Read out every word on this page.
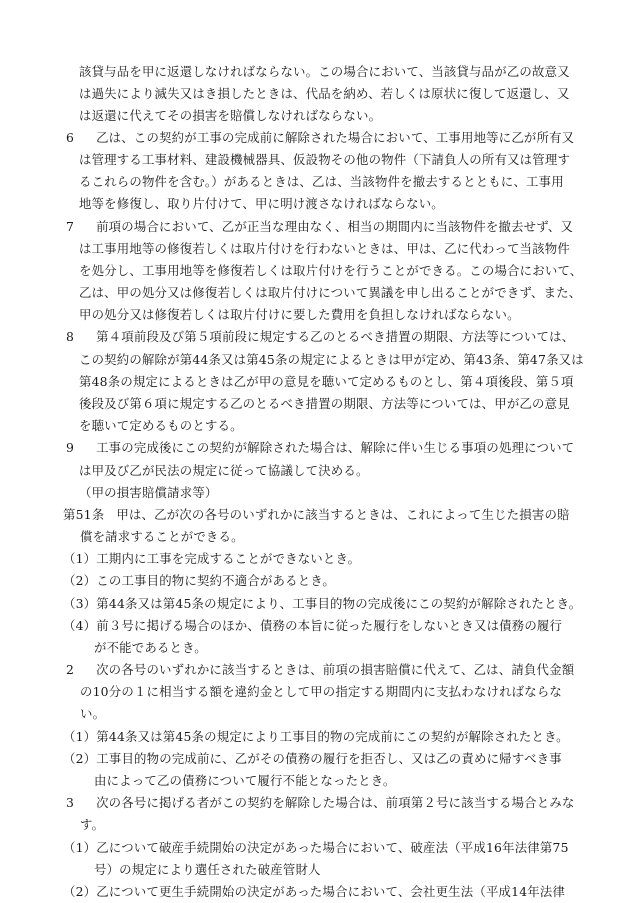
該貸与品を甲に返還しなければならない。この場合において、当該貸与品が乙の故意又
は過失により滅失又はき損したときは、代品を納め、若しくは原状に復して返還し、又
は返還に代えてその損害を賠償しなければならない。
6 乙は、この契約が工事の完成前に解除された場合において、工事用地等に乙が所有又
は管理する工事材料、建設機械器具、仮設物その他の物件（下請負人の所有又は管理す
るこれらの物件を含む。）があるときは、乙は、当該物件を撤去するとともに、工事用
地等を修復し、取り片付けて、甲に明け渡さなければならない。
7 前項の場合において、乙が正当な理由なく、相当の期間内に当該物件を撤去せず、又
は工事用地等の修復若しくは取片付けを行わないときは、甲は、乙に代わって当該物件
を処分し、工事用地等を修復若しくは取片付けを行うことができる。この場合において、
乙は、甲の処分又は修復若しくは取片付けについて異議を申し出ることができず、また、
甲の処分又は修復若しくは取片付けに要した費用を負担しなければならない。
8 第４項前段及び第５項前段に規定する乙のとるべき措置の期限、方法等については、
この契約の解除が第44条又は第45条の規定によるときは甲が定め、第43条、第47条又は
第48条の規定によるときは乙が甲の意見を聴いて定めるものとし、第４項後段、第５項
後段及び第６項に規定する乙のとるべき措置の期限、方法等については、甲が乙の意見
を聴いて定めるものとする。
9 工事の完成後にこの契約が解除された場合は、解除に伴い生じる事項の処理について
は甲及び乙が民法の規定に従って協議して決める。
（甲の損害賠償請求等）
第51条 甲は、乙が次の各号のいずれかに該当するときは、これによって生じた損害の賠
償を請求することができる。
（1）工期内に工事を完成することができないとき。
（2）この工事目的物に契約不適合があるとき。
（3）第44条又は第45条の規定により、工事目的物の完成後にこの契約が解除されたとき。
（4）前３号に掲げる場合のほか、債務の本旨に従った履行をしないとき又は債務の履行
が不能であるとき。
2 次の各号のいずれかに該当するときは、前項の損害賠償に代えて、乙は、請負代金額
の10分の１に相当する額を違約金として甲の指定する期間内に支払わなければならな
い。
（1）第44条又は第45条の規定により工事目的物の完成前にこの契約が解除されたとき。
（2）工事目的物の完成前に、乙がその債務の履行を拒否し、又は乙の責めに帰すべき事
由によって乙の債務について履行不能となったとき。
3 次の各号に掲げる者がこの契約を解除した場合は、前項第２号に該当する場合とみな
す。
（1）乙について破産手続開始の決定があった場合において、破産法（平成16年法律第75
号）の規定により選任された破産管財人
（2）乙について更生手続開始の決定があった場合において、会社更生法（平成14年法律
